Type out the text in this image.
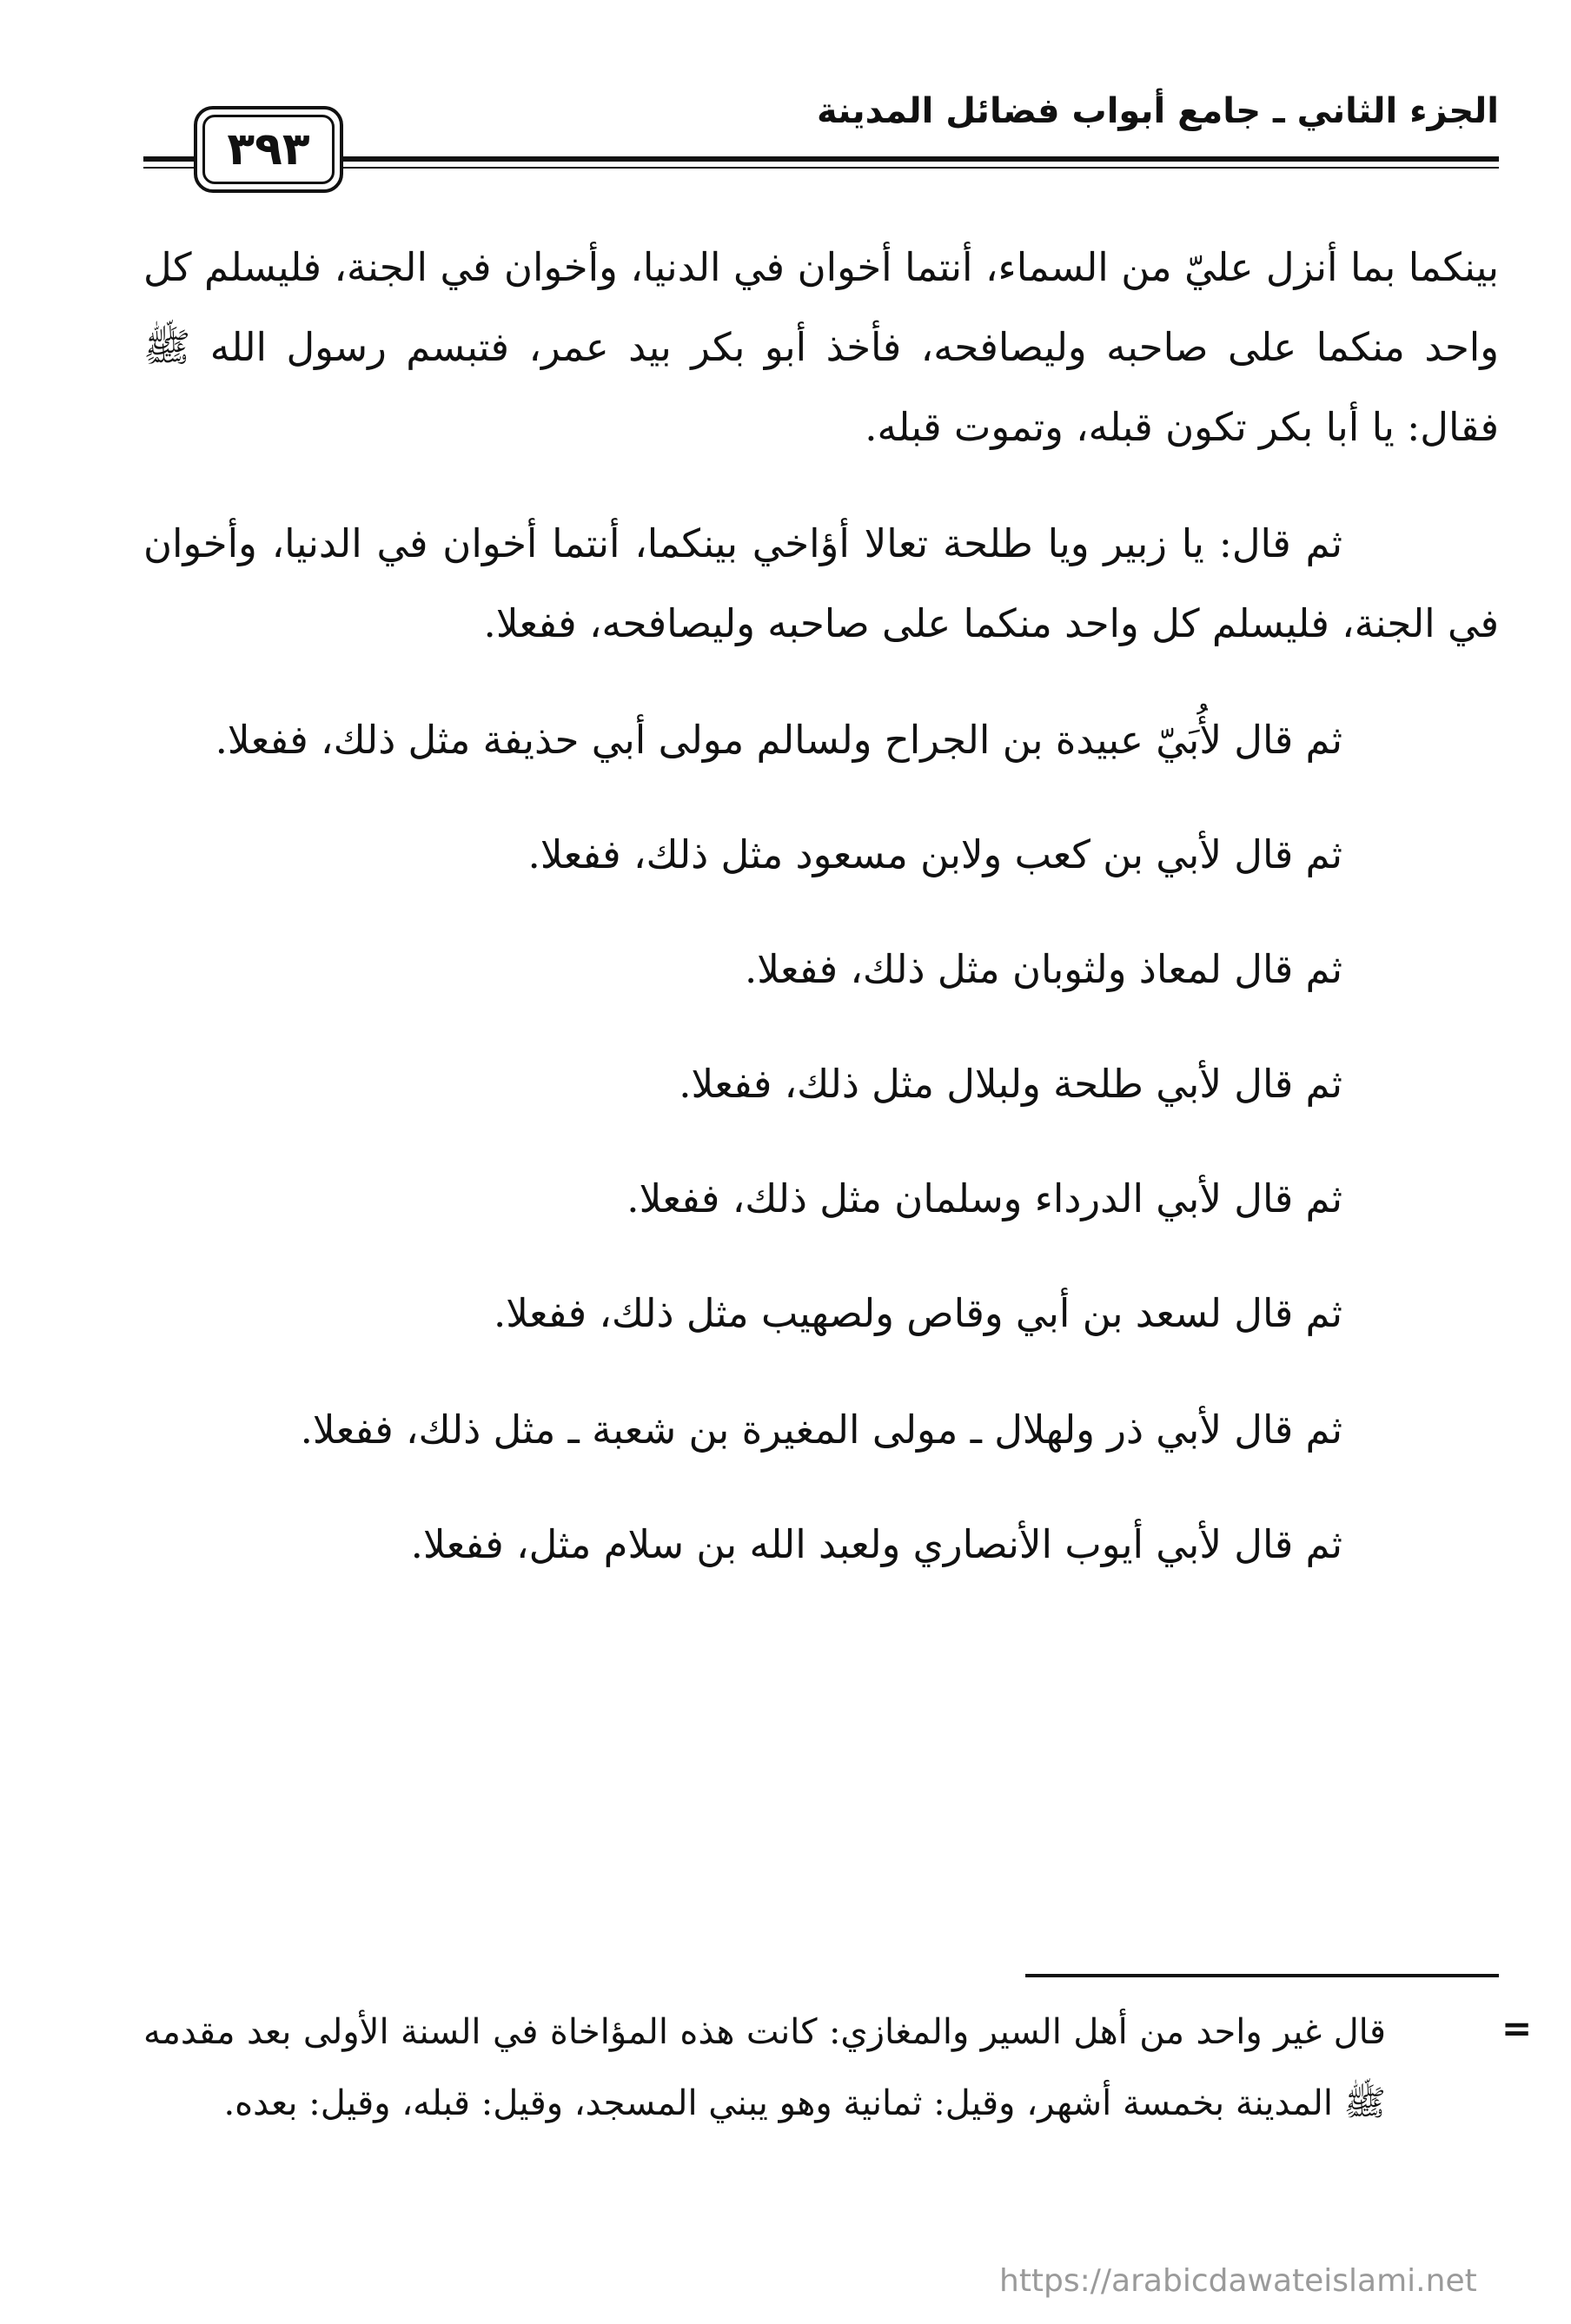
الجزء الثاني ـ جامع أبواب فضائل المدينة
٣٩٣

بينكما بما أنزل عليّ من السماء، أنتما أخوان في الدنيا، وأخوان في الجنة، فليسلم كل واحد منكما على صاحبه وليصافحه، فأخذ أبو بكر بيد عمر، فتبسم رسول الله ﷺ فقال: يا أبا بكر تكون قبله، وتموت قبله.

ثم قال: يا زبير ويا طلحة تعالا أؤاخي بينكما، أنتما أخوان في الدنيا، وأخوان في الجنة، فليسلم كل واحد منكما على صاحبه وليصافحه، ففعلا.

ثم قال لأُبَيّ عبيدة بن الجراح ولسالم مولى أبي حذيفة مثل ذلك، ففعلا.

ثم قال لأبي بن كعب ولابن مسعود مثل ذلك، ففعلا.

ثم قال لمعاذ ولثوبان مثل ذلك، ففعلا.

ثم قال لأبي طلحة ولبلال مثل ذلك، ففعلا.

ثم قال لأبي الدرداء وسلمان مثل ذلك، ففعلا.

ثم قال لسعد بن أبي وقاص ولصهيب مثل ذلك، ففعلا.

ثم قال لأبي ذر ولهلال ـ مولى المغيرة بن شعبة ـ مثل ذلك، ففعلا.

ثم قال لأبي أيوب الأنصاري ولعبد الله بن سلام مثل، ففعلا.

=
قال غير واحد من أهل السير والمغازي: كانت هذه المؤاخاة في السنة الأولى بعد مقدمه ﷺ المدينة بخمسة أشهر، وقيل: ثمانية وهو يبني المسجد، وقيل: قبله، وقيل: بعده.
https://arabicdawateislami.net
